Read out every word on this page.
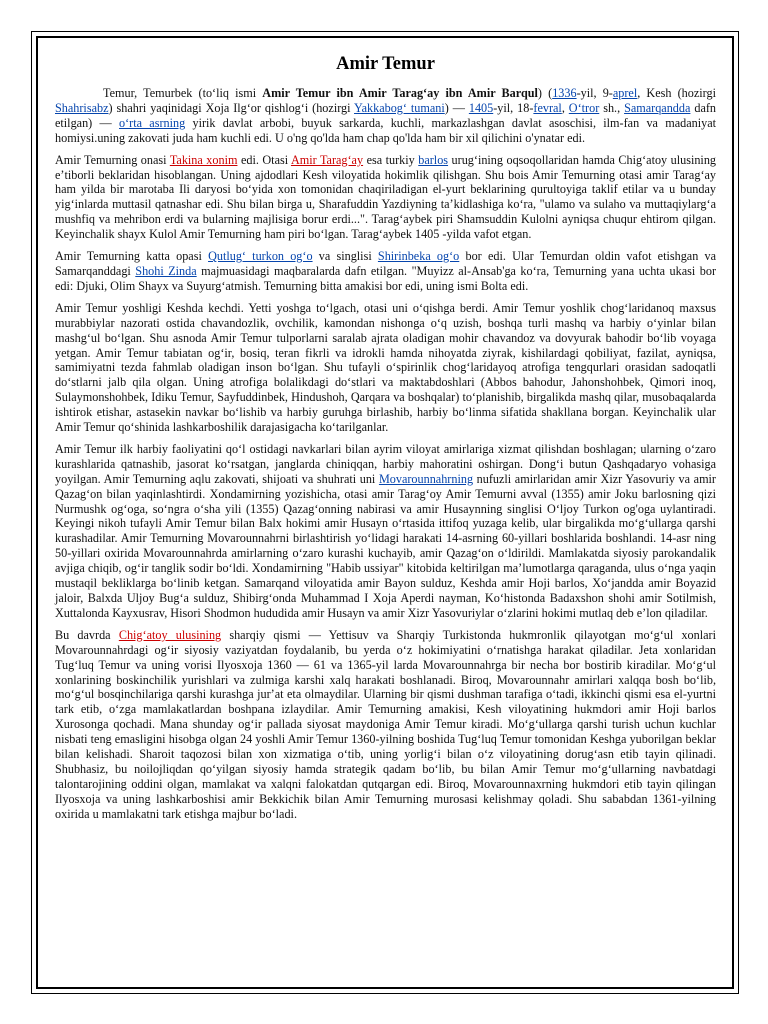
Amir Temur

Temur, Temurbek (toʻliq ismi Amir Temur ibn Amir Taragʻay ibn Amir Barqul) (1336-yil, 9-aprel, Kesh (hozirgi Shahrisabz) shahri yaqinidagi Xoja Ilgʻor qishlogʻi (hozirgi Yakkabogʻ tumani) — 1405-yil, 18-fevral, Oʻtror sh., Samarqandda dafn etilgan) — oʻrta asrning yirik davlat arbobi, buyuk sarkarda, kuchli, markazlashgan davlat asoschisi, ilm-fan va madaniyat homiysi.uning zakovati juda ham kuchli edi. U o'ng qo'lda ham chap qo'lda ham bir xil qilichini o'ynatar edi.

Amir Temurning onasi Takina xonim edi. Otasi Amir Taragʻay esa turkiy barlos urugʻining oqsoqollaridan hamda Chigʻatoy ulusining eʼtiborli beklaridan hisoblangan. Uning ajdodlari Kesh viloyatida hokimlik qilishgan. Shu bois Amir Temurning otasi amir Taragʻay ham yilda bir marotaba Ili daryosi boʻyida xon tomonidan chaqiriladigan el-yurt beklarining qurultoyiga taklif etilar va u bunday yigʻinlarda muttasil qatnashar edi. Shu bilan birga u, Sharafuddin Yazdiyning taʼkidlashiga koʻra, "ulamo va sulaho va muttaqiylargʻa mushfiq va mehribon erdi va bularning majlisiga borur erdi...". Taragʻaybek piri Shamsuddin Kulolni ayniqsa chuqur ehtirom qilgan. Keyinchalik shayx Kulol Amir Temurning ham piri boʻlgan. Taragʻaybek 1405 -yilda vafot etgan.

Amir Temurning katta opasi Qutlugʻ turkon ogʻo va singlisi Shirinbeka ogʻo bor edi. Ular Temurdan oldin vafot etishgan va Samarqanddagi Shohi Zinda majmuasidagi maqbaralarda dafn etilgan. "Muyizz al-Ansab'ga koʻra, Temurning yana uchta ukasi bor edi: Djuki, Olim Shayx va Suyurgʻatmish. Temurning bitta amakisi bor edi, uning ismi Bolta edi.

Amir Temur yoshligi Keshda kechdi. Yetti yoshga toʻlgach, otasi uni oʻqishga berdi. Amir Temur yoshlik chogʻlaridanoq maxsus murabbiylar nazorati ostida chavandozlik, ovchilik, kamondan nishonga oʻq uzish, boshqa turli mashq va harbiy oʻyinlar bilan mashgʻul boʻlgan. Shu asnoda Amir Temur tulporlarni saralab ajrata oladigan mohir chavandoz va dovyurak bahodir boʻlib voyaga yetgan. Amir Temur tabiatan ogʻir, bosiq, teran fikrli va idrokli hamda nihoyatda ziyrak, kishilardagi qobiliyat, fazilat, ayniqsa, samimiyatni tezda fahmlab oladigan inson boʻlgan. Shu tufayli oʻspirinlik chogʻlaridayoq atrofiga tengqurlari orasidan sadoqatli doʻstlarni jalb qila olgan. Uning atrofiga bolalikdagi doʻstlari va maktabdoshlari (Abbos bahodur, Jahonshohbek, Qimori inoq, Sulaymonshohbek, Idiku Temur, Sayfuddinbek, Hindushoh, Qarqara va boshqalar) toʻplanishib, birgalikda mashq qilar, musobaqalarda ishtirok etishar, astasekin navkar boʻlishib va harbiy guruhga birlashib, harbiy boʻlinma sifatida shakllana borgan. Keyinchalik ular Amir Temur qoʻshinida lashkarboshilik darajasigacha koʻtarilganlar.

Amir Temur ilk harbiy faoliyatini qoʻl ostidagi navkarlari bilan ayrim viloyat amirlariga xizmat qilishdan boshlagan; ularning oʻzaro kurashlarida qatnashib, jasorat koʻrsatgan, janglarda chiniqqan, harbiy mahoratini oshirgan. Dongʻi butun Qashqadaryo vohasiga yoyilgan. Amir Temurning aqlu zakovati, shijoati va shuhrati uni Movarounnahrning nufuzli amirlaridan amir Xizr Yasovuriy va amir Qazagʻon bilan yaqinlashtirdi. Xondamirning yozishicha, otasi amir Taragʻoy Amir Temurni avval (1355) amir Joku barlosning qizi Nurmushk ogʻoga, soʻngra oʻsha yili (1355) Qazagʻonning nabirasi va amir Husaynning singlisi Oʻljoy Turkon og'oga uylantiradi. Keyingi nikoh tufayli Amir Temur bilan Balx hokimi amir Husayn oʻrtasida ittifoq yuzaga kelib, ular birgalikda moʻgʻullarga qarshi kurashadilar. Amir Temurning Movarounnahrni birlashtirish yoʻlidagi harakati 14-asrning 60-yillari boshlarida boshlandi. 14-asr ning 50-yillari oxirida Movarounnahrda amirlarning oʻzaro kurashi kuchayib, amir Qazagʻon oʻldirildi. Mamlakatda siyosiy parokandalik avjiga chiqib, ogʻir tanglik sodir boʻldi. Xondamirning "Habib ussiyar" kitobida keltirilgan maʼlumotlarga qaraganda, ulus oʻnga yaqin mustaqil bekliklarga boʻlinib ketgan. Samarqand viloyatida amir Bayon sulduz, Keshda amir Hoji barlos, Xoʻjandda amir Boyazid jaloir, Balxda Uljoy Bugʻa sulduz, Shibirgʻonda Muhammad I Xoja Aperdi nayman, Koʻhistonda Badaxshon shohi amir Sotilmish, Xuttalonda Kayxusrav, Hisori Shodmon hududida amir Husayn va amir Xizr Yasovuriylar oʻzlarini hokimi mutlaq deb eʼlon qiladilar.

Bu davrda Chigʻatoy ulusining sharqiy qismi — Yettisuv va Sharqiy Turkistonda hukmronlik qilayotgan moʻgʻul xonlari Movarounnahrdagi ogʻir siyosiy vaziyatdan foydalanib, bu yerda oʻz hokimiyatini oʻrnatishga harakat qiladilar. Jeta xonlaridan Tugʻluq Temur va uning vorisi Ilyosxoja 1360 — 61 va 1365-yil larda Movarounnahrga bir necha bor bostirib kiradilar. Moʻgʻul xonlarining boskinchilik yurishlari va zulmiga karshi xalq harakati boshlanadi. Biroq, Movarounnahr amirlari xalqqa bosh boʻlib, moʻgʻul bosqinchilariga qarshi kurashga jurʼat eta olmaydilar. Ularning bir qismi dushman tarafiga oʻtadi, ikkinchi qismi esa el-yurtni tark etib, oʻzga mamlakatlardan boshpana izlaydilar. Amir Temurning amakisi, Kesh viloyatining hukmdori amir Hoji barlos Xurosonga qochadi. Mana shunday ogʻir pallada siyosat maydoniga Amir Temur kiradi. Moʻgʻullarga qarshi turish uchun kuchlar nisbati teng emasligini hisobga olgan 24 yoshli Amir Temur 1360-yilning boshida Tugʻluq Temur tomonidan Keshga yuborilgan beklar bilan kelishadi. Sharoit taqozosi bilan xon xizmatiga oʻtib, uning yorligʻi bilan oʻz viloyatining dorugʻasn etib tayin qilinadi. Shubhasiz, bu noilojliqdan qoʻyilgan siyosiy hamda strategik qadam boʻlib, bu bilan Amir Temur moʻgʻullarning navbatdagi talontarojining oddini olgan, mamlakat va xalqni falokatdan qutqargan edi. Biroq, Movarounnaxrning hukmdori etib tayin qilingan Ilyosxoja va uning lashkarboshisi amir Bekkichik bilan Amir Temurning murosasi kelishmay qoladi. Shu sababdan 1361-yilning oxirida u mamlakatni tark etishga majbur boʻladi.
